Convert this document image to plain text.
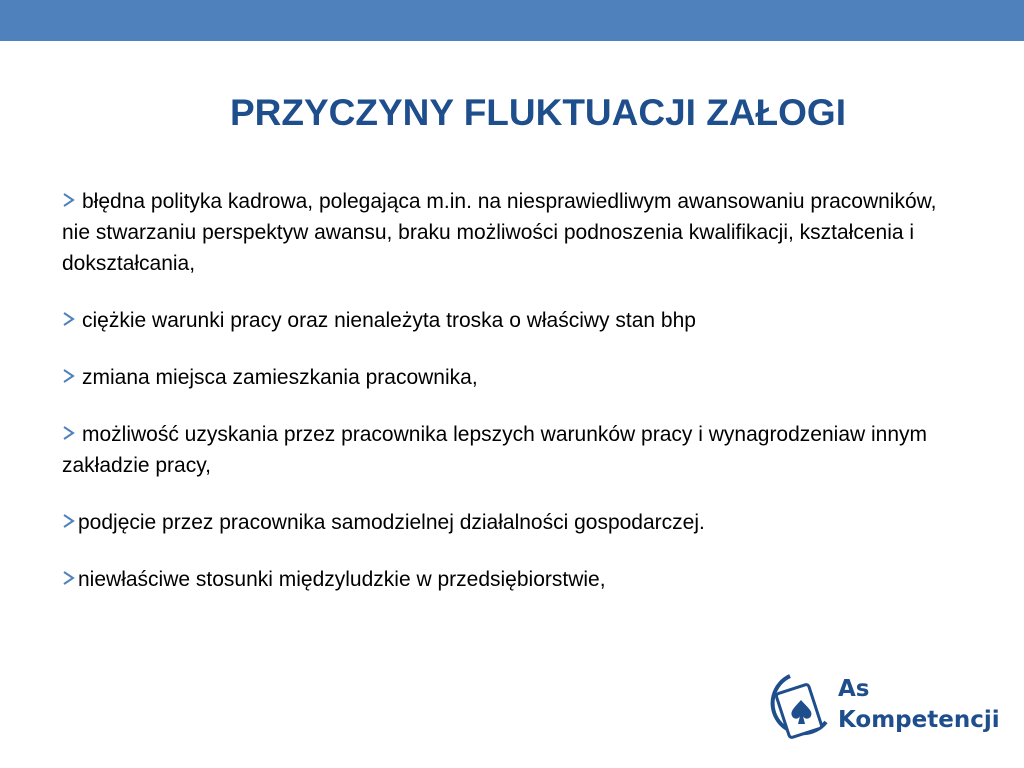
PRZYCZYNY FLUKTUACJI ZAŁOGI
błędna polityka kadrowa, polegająca m.in. na niesprawiedliwym awansowaniu pracowników, nie stwarzaniu perspektyw awansu, braku możliwości podnoszenia kwalifikacji, kształcenia i dokształcania,
ciężkie warunki pracy oraz nienależyta troska o właściwy stan bhp
zmiana miejsca zamieszkania pracownika,
możliwość uzyskania przez pracownika lepszych warunków pracy i wynagrodzeniaw innym zakładzie pracy,
podjęcie przez pracownika samodzielnej działalności gospodarczej.
niewłaściwe stosunki międzyludzkie w przedsiębiorstwie,
As
Kompetencji
